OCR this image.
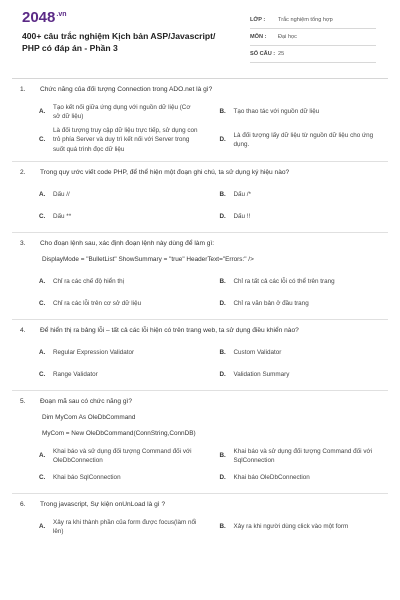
$2048^{.vn}$
400+ câu trắc nghiệm Kịch bản ASP/Javascript/ PHP có đáp án - Phần 3
LỚP :	Trắc nghiệm tổng hợp
MÔN :	Đại học
SỐ CÂU : 25
1.	Chức năng của đối tượng Connection trong ADO.net là gì?
A.
Tạo kết nối giữa ứng dụng với nguồn dữ liệu (Cơ sở dữ liệu)
B.	Tạo thao tác với nguồn dữ liệu
C.
Là đối tượng truy cập dữ liệu trực tiếp, sử dụng con trỏ phía Server và duy trì kết nối với Server trong suốt quá trình đọc dữ liệu
D.
Là đối tượng lấy dữ liệu từ nguồn dữ liệu cho ứng dụng.
2.	Trong quy ước viết code PHP, để thể hiện một đoạn ghi chú, ta sử dụng ký hiệu nào?
A.	Dấu //	B.	Dấu /*
C.	Dấu **	D.	Dấu !!
3.	Cho đoạn lệnh sau, xác định đoạn lệnh này dùng để làm gì:
DisplayMode = "BulletList" ShowSummary = "true" HeaderText="Errors:" />
A.	Chỉ ra các chế độ hiển thị	B.	Chỉ ra tất cả các lỗi có thể trên trang
C.	Chỉ ra các lỗi trên cơ sở dữ liệu	D.	Chỉ ra văn bản ở đầu trang
4.	Để hiển thị ra bảng lỗi – tất cả các lỗi hiện có trên trang web, ta sử dụng điều khiển nào?
A.	Regular Expression Validator	B.	Custom Validator
C.	Range Validator	D.	Validation Summary
5.	Đoạn mã sau có chức năng gì?
Dim MyCom As OleDbCommand
MyCom = New OleDbCommand(ConnString,ConnDB)
A.
Khai báo và sử dụng đối tượng Command đối với OleDbConnection
B.
Khai báo và sử dụng đối tượng Command đối với SqlConnection
C.	Khai báo SqlConnection	D.	Khai báo OleDbConnection
6.	Trong javascript, Sự kiện onUnLoad là gì ?
A.
Xảy ra khi thành phần của form được focus(làm nổi lên)
B.	Xảy ra khi người dùng click vào một form
